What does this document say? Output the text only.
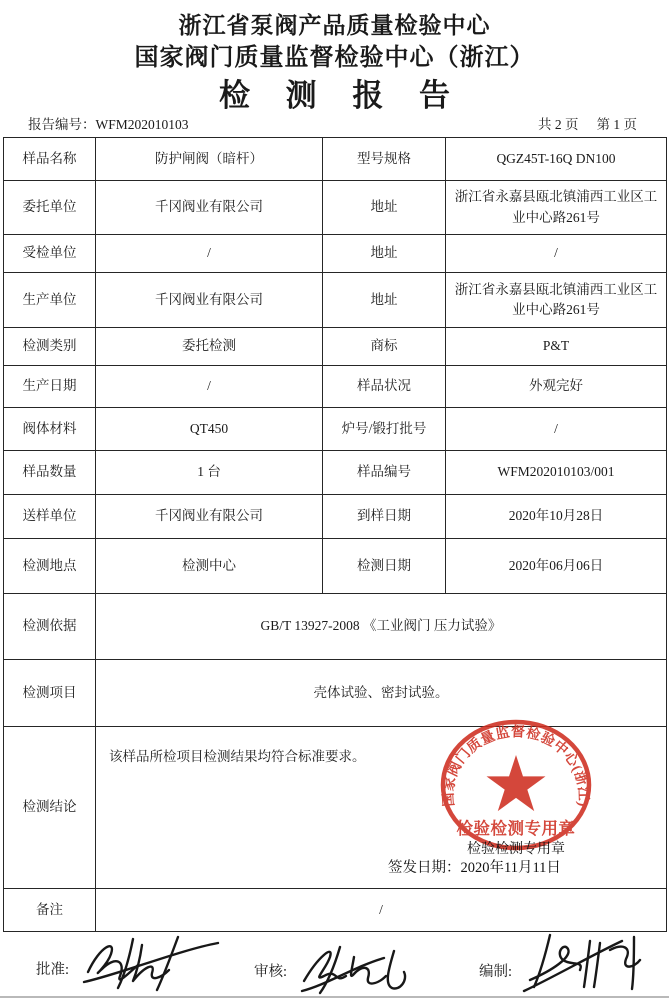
浙江省泵阀产品质量检验中心
国家阀门质量监督检验中心（浙江）
检 测 报 告
报告编号：WFM202010103	共 2 页 第 1 页
样品名称	防护闸阀（暗杆）	型号规格	QGZ45T-16Q DN100
委托单位	千冈阀业有限公司	地址	浙江省永嘉县瓯北镇浦西工业区工业中心路261号
受检单位	/	地址	/
生产单位	千冈阀业有限公司	地址	浙江省永嘉县瓯北镇浦西工业区工业中心路261号
检测类别	委托检测	商标	P&T
生产日期	/	样品状况	外观完好
阀体材料	QT450	炉号/锻打批号	/
样品数量	1 台	样品编号	WFM202010103/001
送样单位	千冈阀业有限公司	到样日期	2020年10月28日
检测地点	检测中心	检测日期	2020年06月06日
检测依据	GB/T 13927-2008 《工业阀门 压力试验》		
检测项目	壳体试验、密封试验。		
检测结论	该样品所检项目检测结果均符合标准要求。
国家阀门质量监督检验中心(浙江)
检验检测专用章
检验检测专用章
签发日期：2020年11月11日		

备注	/		
批准:	审核:	编制:
